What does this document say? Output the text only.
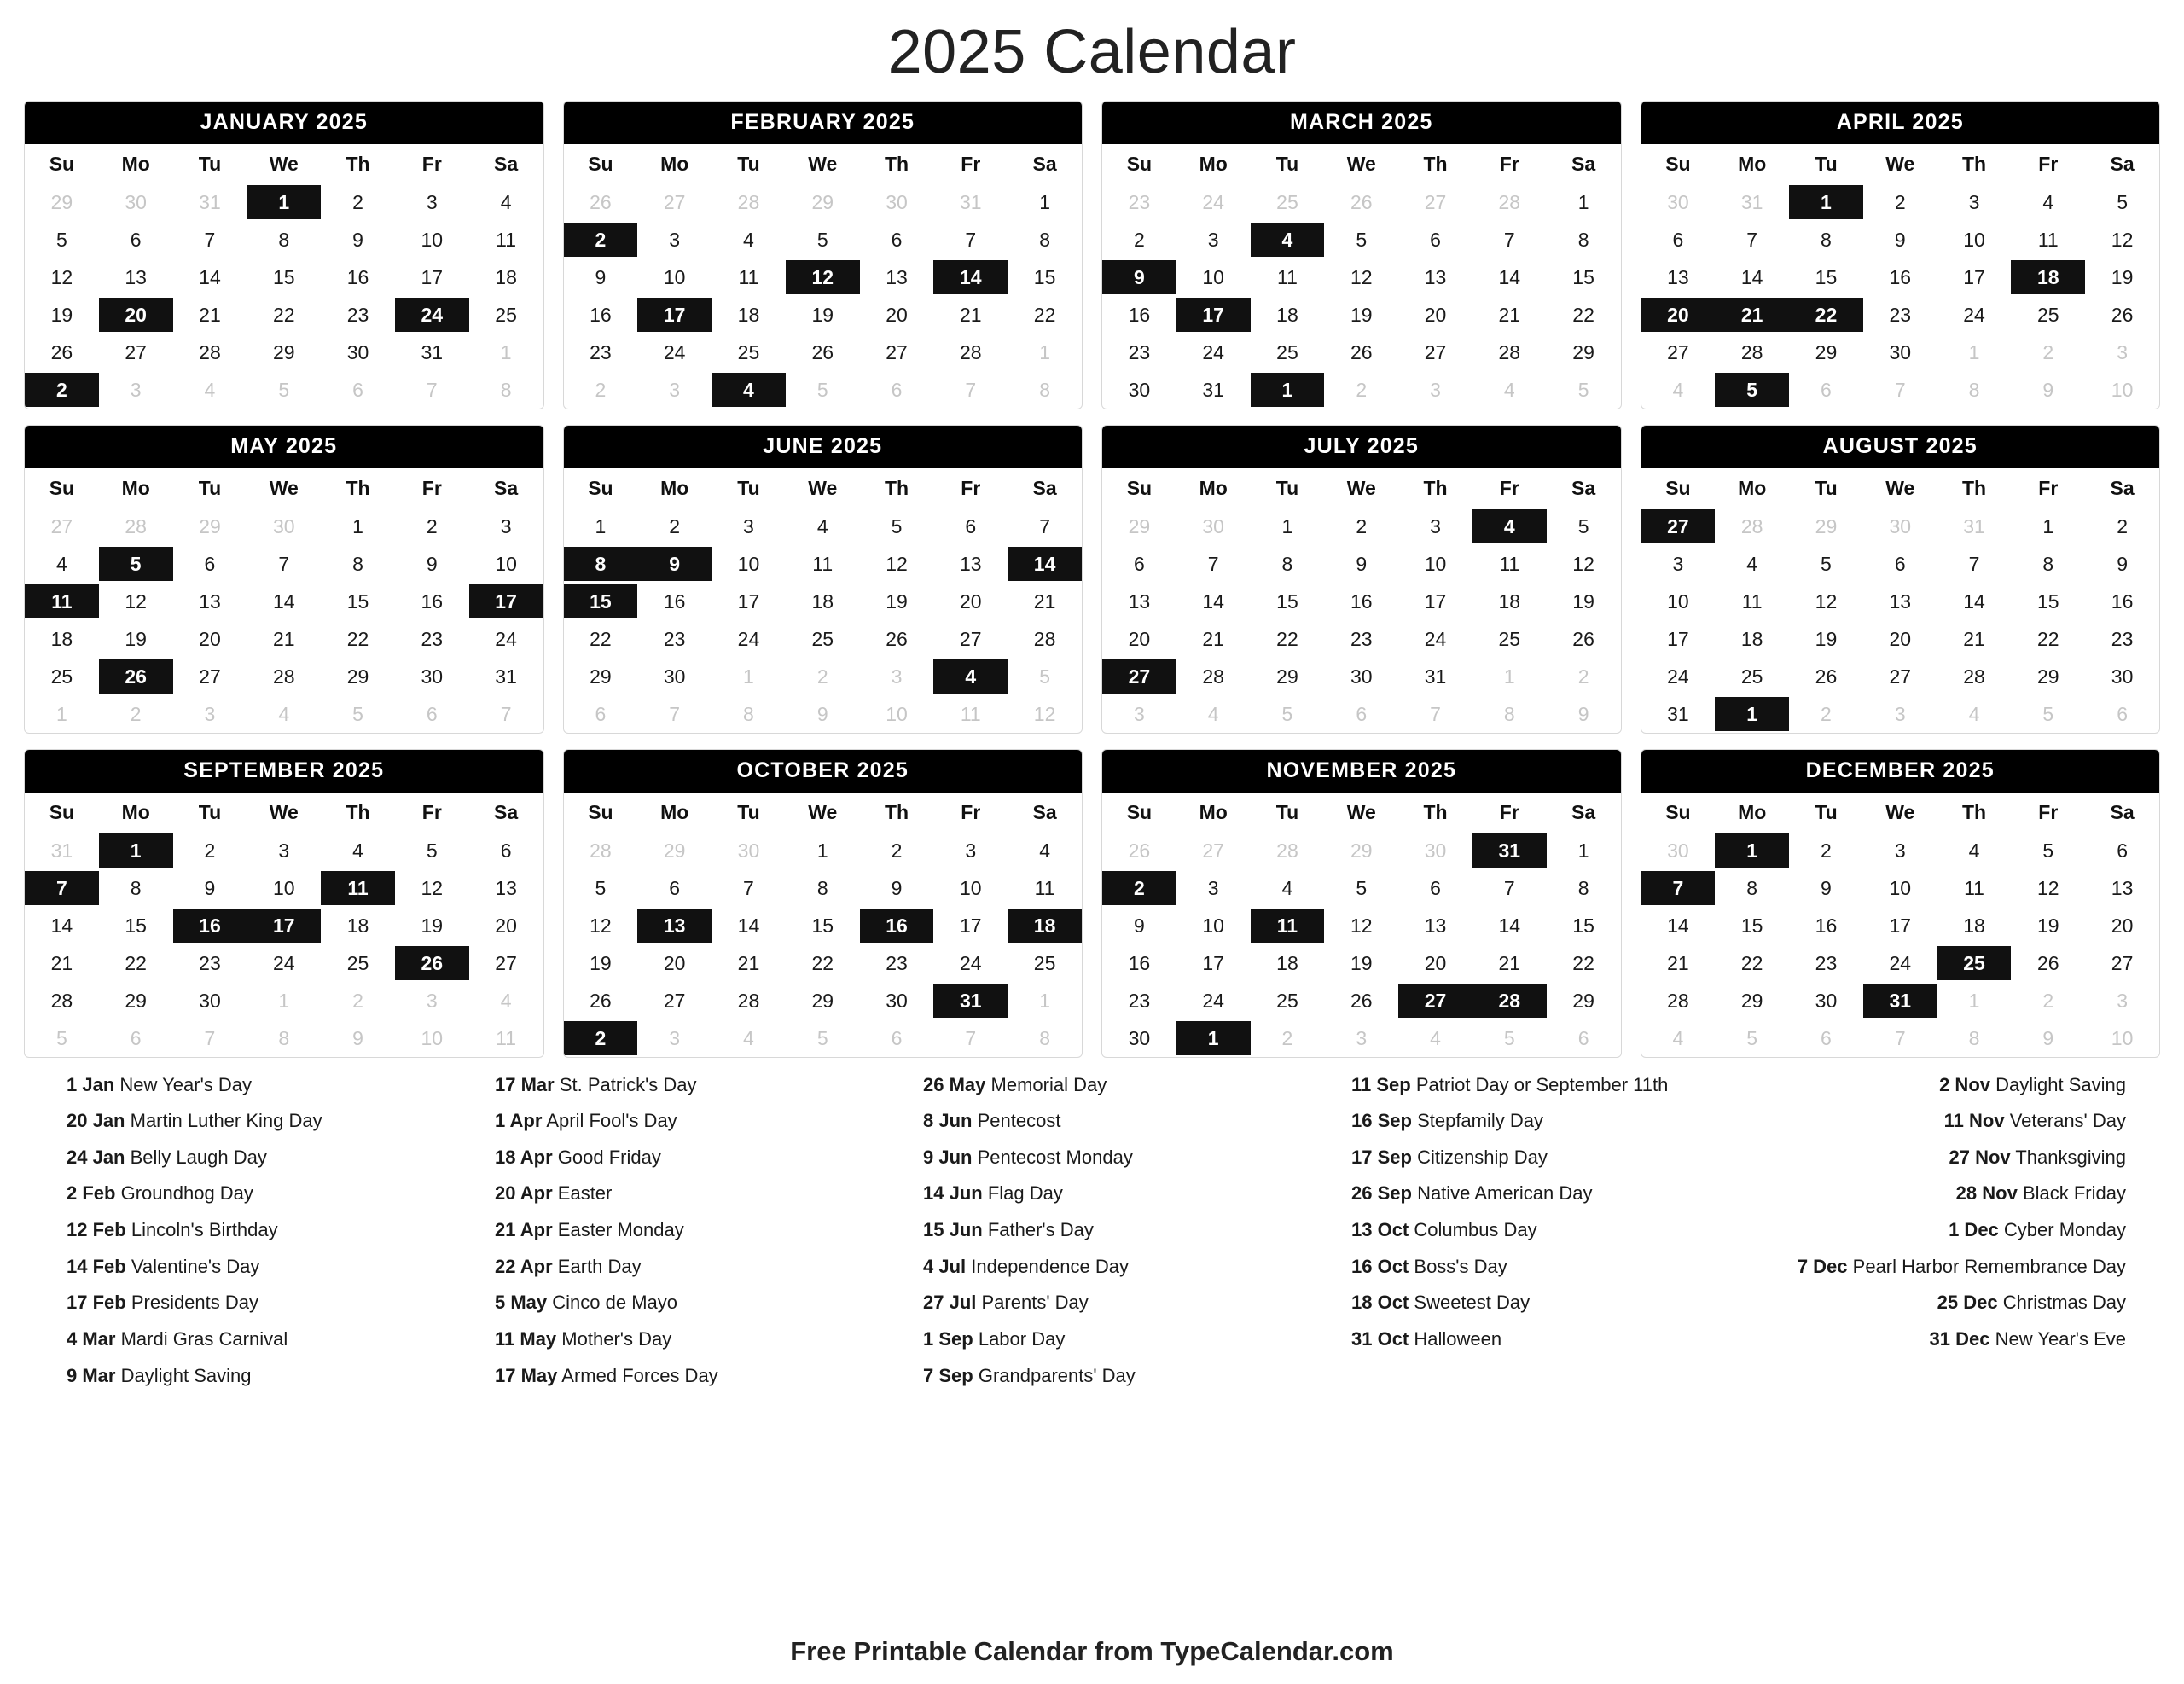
2025 Calendar
JANUARY 2025
Su	Mo	Tu	We	Th	Fr	Sa

29	30	31	1	2	3	4

5	6	7	8	9	10	11

12	13	14	15	16	17	18

19	20	21	22	23	24	25

26	27	28	29	30	31	1

2	3	4	5	6	7	8
FEBRUARY 2025
Su	Mo	Tu	We	Th	Fr	Sa

26	27	28	29	30	31	1

2	3	4	5	6	7	8

9	10	11	12	13	14	15

16	17	18	19	20	21	22

23	24	25	26	27	28	1

2	3	4	5	6	7	8
MARCH 2025
Su	Mo	Tu	We	Th	Fr	Sa

23	24	25	26	27	28	1

2	3	4	5	6	7	8

9	10	11	12	13	14	15

16	17	18	19	20	21	22

23	24	25	26	27	28	29

30	31	1	2	3	4	5
APRIL 2025
Su	Mo	Tu	We	Th	Fr	Sa

30	31	1	2	3	4	5

6	7	8	9	10	11	12

13	14	15	16	17	18	19

20	21	22	23	24	25	26

27	28	29	30	1	2	3

4	5	6	7	8	9	10
MAY 2025
Su	Mo	Tu	We	Th	Fr	Sa

27	28	29	30	1	2	3

4	5	6	7	8	9	10

11	12	13	14	15	16	17

18	19	20	21	22	23	24

25	26	27	28	29	30	31

1	2	3	4	5	6	7
JUNE 2025
Su	Mo	Tu	We	Th	Fr	Sa

1	2	3	4	5	6	7

8	9	10	11	12	13	14

15	16	17	18	19	20	21

22	23	24	25	26	27	28

29	30	1	2	3	4	5

6	7	8	9	10	11	12
JULY 2025
Su	Mo	Tu	We	Th	Fr	Sa

29	30	1	2	3	4	5

6	7	8	9	10	11	12

13	14	15	16	17	18	19

20	21	22	23	24	25	26

27	28	29	30	31	1	2

3	4	5	6	7	8	9
AUGUST 2025
Su	Mo	Tu	We	Th	Fr	Sa

27	28	29	30	31	1	2

3	4	5	6	7	8	9

10	11	12	13	14	15	16

17	18	19	20	21	22	23

24	25	26	27	28	29	30

31	1	2	3	4	5	6
SEPTEMBER 2025
Su	Mo	Tu	We	Th	Fr	Sa

31	1	2	3	4	5	6

7	8	9	10	11	12	13

14	15	16	17	18	19	20

21	22	23	24	25	26	27

28	29	30	1	2	3	4

5	6	7	8	9	10	11
OCTOBER 2025
Su	Mo	Tu	We	Th	Fr	Sa

28	29	30	1	2	3	4

5	6	7	8	9	10	11

12	13	14	15	16	17	18

19	20	21	22	23	24	25

26	27	28	29	30	31	1

2	3	4	5	6	7	8
NOVEMBER 2025
Su	Mo	Tu	We	Th	Fr	Sa

26	27	28	29	30	31	1

2	3	4	5	6	7	8

9	10	11	12	13	14	15

16	17	18	19	20	21	22

23	24	25	26	27	28	29

30	1	2	3	4	5	6
DECEMBER 2025
Su	Mo	Tu	We	Th	Fr	Sa

30	1	2	3	4	5	6

7	8	9	10	11	12	13

14	15	16	17	18	19	20

21	22	23	24	25	26	27

28	29	30	31	1	2	3

4	5	6	7	8	9	10
1 Jan New Year's Day
20 Jan Martin Luther King Day
24 Jan Belly Laugh Day
2 Feb Groundhog Day
12 Feb Lincoln's Birthday
14 Feb Valentine's Day
17 Feb Presidents Day
4 Mar Mardi Gras Carnival
9 Mar Daylight Saving
17 Mar St. Patrick's Day
1 Apr April Fool's Day
18 Apr Good Friday
20 Apr Easter
21 Apr Easter Monday
22 Apr Earth Day
5 May Cinco de Mayo
11 May Mother's Day
17 May Armed Forces Day
26 May Memorial Day
8 Jun Pentecost
9 Jun Pentecost Monday
14 Jun Flag Day
15 Jun Father's Day
4 Jul Independence Day
27 Jul Parents' Day
1 Sep Labor Day
7 Sep Grandparents' Day
11 Sep Patriot Day or September 11th
16 Sep Stepfamily Day
17 Sep Citizenship Day
26 Sep Native American Day
13 Oct Columbus Day
16 Oct Boss's Day
18 Oct Sweetest Day
31 Oct Halloween
2 Nov Daylight Saving
11 Nov Veterans' Day
27 Nov Thanksgiving
28 Nov Black Friday
1 Dec Cyber Monday
7 Dec Pearl Harbor Remembrance Day
25 Dec Christmas Day
31 Dec New Year's Eve
Free Printable Calendar from TypeCalendar.com
